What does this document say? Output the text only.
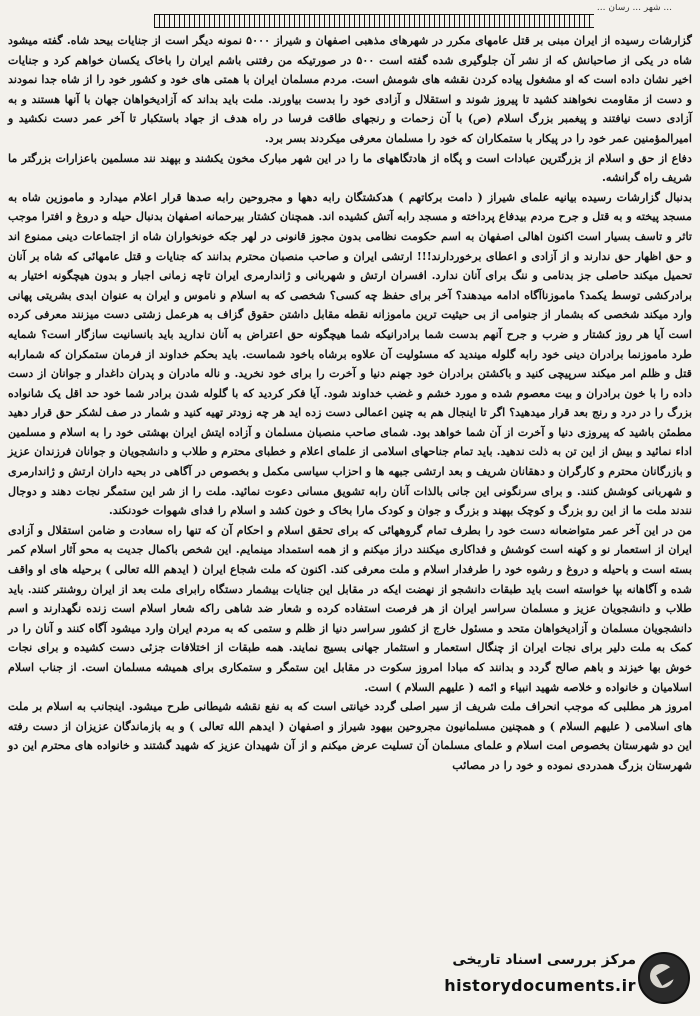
... شهر ... رسان ...

گزارشات رسیده از ایران مبنی بر قتل عامهای مکرر در شهرهای مذهبی اصفهان و شیراز ۵۰۰۰ نمونه دیگر است از جنایات بیحد شاه. گفته میشود شاه در یکی از صاحبانش که از نشر آن جلوگیری شده گفته است ۵۰۰ در صورتیکه من رفتنی باشم ایران را باخاک یکسان خواهم کرد و جنایات اخیر نشان داده است که او مشغول پیاده کردن نقشه های شومش است. مردم مسلمان ایران با همتی های خود و کشور خود را از شاه جدا نمودند و دست از مقاومت نخواهند کشید تا پیروز شوند و استقلال و آزادی خود را بدست بیاورند. ملت باید بداند که آزادیخواهان جهان با آنها هستند و به آزادی دست نیافتند و پیغمبر بزرگ اسلام (ص) با آن زحمات و رنجهای طاقت فرسا در راه هدف از جهاد باستکبار تا آخر عمر دست نکشید و امیرالمؤمنین عمر خود را در پیکار با ستمکاران که خود را مسلمان معرفی میکردند بسر برد.

دفاع از حق و اسلام از بزرگترین عبادات است و پگاه از هادتگاههای ما را در این شهر مبارک مخون یکشند و بپهند نند مسلمین باعزارات بزرگتر ما شریف راه گرانشه.

بدنبال گزارشات رسیده بیانیه علمای شیراز ( دامت برکاتهم ) هدکشتگان رابه دهها و مجروحین رابه صدها قرار اعلام میدارد و ماموزین شاه به مسجد پیخته و به قتل و جرح مردم بیدفاع پرداخته و مسجد رابه آتش کشیده اند. همچنان کشتار بیرحمانه اصفهان بدنبال حیله و دروغ و افترا موجب تاثر و تاسف بسیار است اکنون اهالی اصفهان به اسم حکومت نظامی بدون مجوز قانونی در لهر جکه خونخواران شاه از اجتماعات دینی ممنوع اند و حق اظهار حق ندارند و از آزادی و اعطای برخوردارند!!! ارتشی ایران و صاحب منصبان محترم بدانند که جنایات و قتل عامهائی که شاه بر آنان تحمیل میکند حاصلی جز بدنامی و ننگ برای آنان ندارد. افسران ارتش و شهربانی و ژاندارمری ایران تاچه زمانی اجبار و بدون هیچگونه اختیار به برادرکشی توسط یکمد؟ ماموزناآگاه ادامه میدهند؟ آخر برای حفظ چه کسی؟ شخصی که به اسلام و ناموس و ایران به عنوان ابدی بشریتی پهانی وارد میکند شخصی که بشمار از جنوامی از بی حیثیت ترین ماموزانه نقطه مقابل داشتن حقوق گزاف به هرعمل زشتی دست میزنند معرفی کرده است آیا هر روز کشتار و ضرب و جرح آنهم بدست شما برادرانیکه شما هیچگونه حق اعتراض به آنان ندارید باید بانسانیت سازگار است؟ شمایه طرد ماموزنما برادران دینی خود رابه گلوله میندید که مسئولیت آن علاوه برشاه باخود شماست. باید بحکم خداوند از فرمان ستمکران که شمارابه قتل و ظلم امر میکند سرپیچی کنید و باکشتن برادران خود جهنم دنیا و آخرت را برای خود نخرید. و ناله مادران و پدران داغدار و جوانان از دست داده را با خون برادران و بیت معصوم شده و مورد خشم و غضب خداوند شود. آیا فکر کردید که با گلوله شدن برادر شما خود حد اقل یک شانواده بزرگ را در درد و رنج بعد قرار میدهید؟ اگر تا اینجال هم به چنین اعمالی دست زده اید هر چه زودتر تهیه کنید و شمار در صف لشکر حق قرار دهید مطمئن باشید که پیروزی دنیا و آخرت از آن شما خواهد بود. شمای صاحب منصبان مسلمان و آزاده ایتش ایران بهشتی خود را به اسلام و مسلمین اداء نمائید و بیش از این تن به ذلت ندهید. باید تمام جناحهای اسلامی از علمای اعلام و خطبای محترم و طلاب و دانشجویان و جوانان فرزندان عزیز و بازرگانان محترم و کارگران و دهقانان شریف و بعد ارتشی جبهه ها و احزاب سیاسی مکمل و بخصوص در آگاهی در بحیه داران ارتش و ژاندارمری و شهربانی کوشش کنند. و برای سرنگونی این جانی بالذات آنان رابه تشویق مسانی دعوت نمائید. ملت را از شر این ستمگر نجات دهند و دوجال نندند ملت ما از این رو بزرگ و کوچک بپهند و بزرگ و جوان و کودک مارا بخاک و خون کشد و اسلام را فدای شهوات خودنکند.

من در این آخر عمر متواضعانه دست خود را بطرف تمام گروههائی که برای تحقق اسلام و احکام آن که تنها راه سعادت و ضامن استقلال و آزادی ایران از استعمار نو و کهنه است کوشش و فداکاری میکنند دراز میکنم و از همه استمداد مینمایم. این شخص باکمال جدیت به محو آثار اسلام کمر بسته است و باحیله و دروغ و رشوه خود را طرفدار اسلام و ملت معرفی کند. اکنون که ملت شجاع ایران ( ایدهم الله تعالی ) برحیله های او واقف شده و آگاهانه بپا خواسته است باید طبقات دانشجو از نهضت ایکه در مقابل این جنایات بیشمار دستگاه رابرای ملت بعد از ایران روشنتر کنند. باید طلاب و دانشجویان عزیز و مسلمان سراسر ایران از هر فرصت استفاده کرده و شعار ضد شاهی راکه شعار اسلام است زنده نگهدارند و اسم دانشجویان مسلمان و آزادیخواهان متحد و مسئول خارج از کشور سراسر دنیا از ظلم و ستمی که به مردم ایران وارد میشود آگاه کنند و آنان را در کمک به ملت دلیر برای نجات ایران از چنگال استعمار و استثمار جهانی بسیج نمایند. همه طبقات از اختلافات جزئی دست کشیده و برای نجات خوش بها خیزند و باهم صالح گردد و بدانند که مبادا امروز سکوت در مقابل این ستمگر و ستمکاری برای همیشه مسلمان است. از جناب اسلام اسلامیان و خانواده و خلاصه شهید انبیاء و ائمه ( علیهم السلام ) است.

امروز هر مطلبی که موجب انحراف ملت شریف از سیر اصلی گردد خیانتی است که به نفع نقشه شیطانی طرح میشود. اینجانب به اسلام بر ملت های اسلامی ( علیهم السلام ) و همچنین مسلمانیون مجروحین بیهود شیراز و اصفهان ( ایدهم الله تعالی ) و به بازماندگان عزیزان از دست رفته این دو شهرستان بخصوص امت اسلام و علمای مسلمان آن تسلیت عرض میکنم و از آن شهیدان عزیز که شهید گشتند و خانواده های محترم این دو شهرستان بزرگ همدردی نموده و خود را در مصائب

مرکز بررسی اسناد تاریخی
historydocuments.ir
